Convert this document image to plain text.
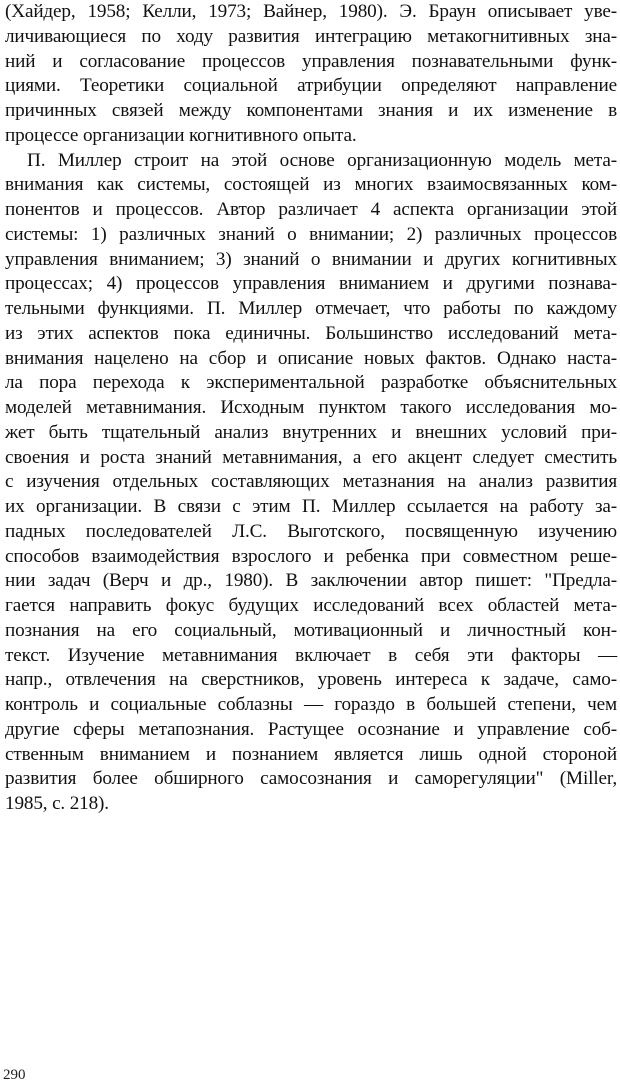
(Хайдер, 1958; Келли, 1973; Вайнер, 1980). Э. Браун описывает уве-
личивающиеся по ходу развития интеграцию метакогнитивных зна-
ний и согласование процессов управления познавательными функ-
циями. Теоретики социальной атрибуции определяют направление
причинных связей между компонентами знания и их изменение в
процессе организации когнитивного опыта.
П. Миллер строит на этой основе организационную модель мета-
внимания как системы, состоящей из многих взаимосвязанных ком-
понентов и процессов. Автор различает 4 аспекта организации этой
системы: 1) различных знаний о внимании; 2) различных процессов
управления вниманием; 3) знаний о внимании и других когнитивных
процессах; 4) процессов управления вниманием и другими познава-
тельными функциями. П. Миллер отмечает, что работы по каждому
из этих аспектов пока единичны. Большинство исследований мета-
внимания нацелено на сбор и описание новых фактов. Однако наста-
ла пора перехода к экспериментальной разработке объяснительных
моделей метавнимания. Исходным пунктом такого исследования мо-
жет быть тщательный анализ внутренних и внешних условий при-
своения и роста знаний метавнимания, а его акцент следует сместить
с изучения отдельных составляющих метазнания на анализ развития
их организации. В связи с этим П. Миллер ссылается на работу за-
падных последователей Л.С. Выготского, посвященную изучению
способов взаимодействия взрослого и ребенка при совместном реше-
нии задач (Верч и др., 1980). В заключении автор пишет: "Предла-
гается направить фокус будущих исследований всех областей мета-
познания на его социальный, мотивационный и личностный кон-
текст. Изучение метавнимания включает в себя эти факторы —
напр., отвлечения на сверстников, уровень интереса к задаче, само-
контроль и социальные соблазны — гораздо в большей степени, чем
другие сферы метапознания. Растущее осознание и управление соб-
ственным вниманием и познанием является лишь одной стороной
развития более обширного самосознания и саморегуляции" (Miller,
1985, с. 218).
290
